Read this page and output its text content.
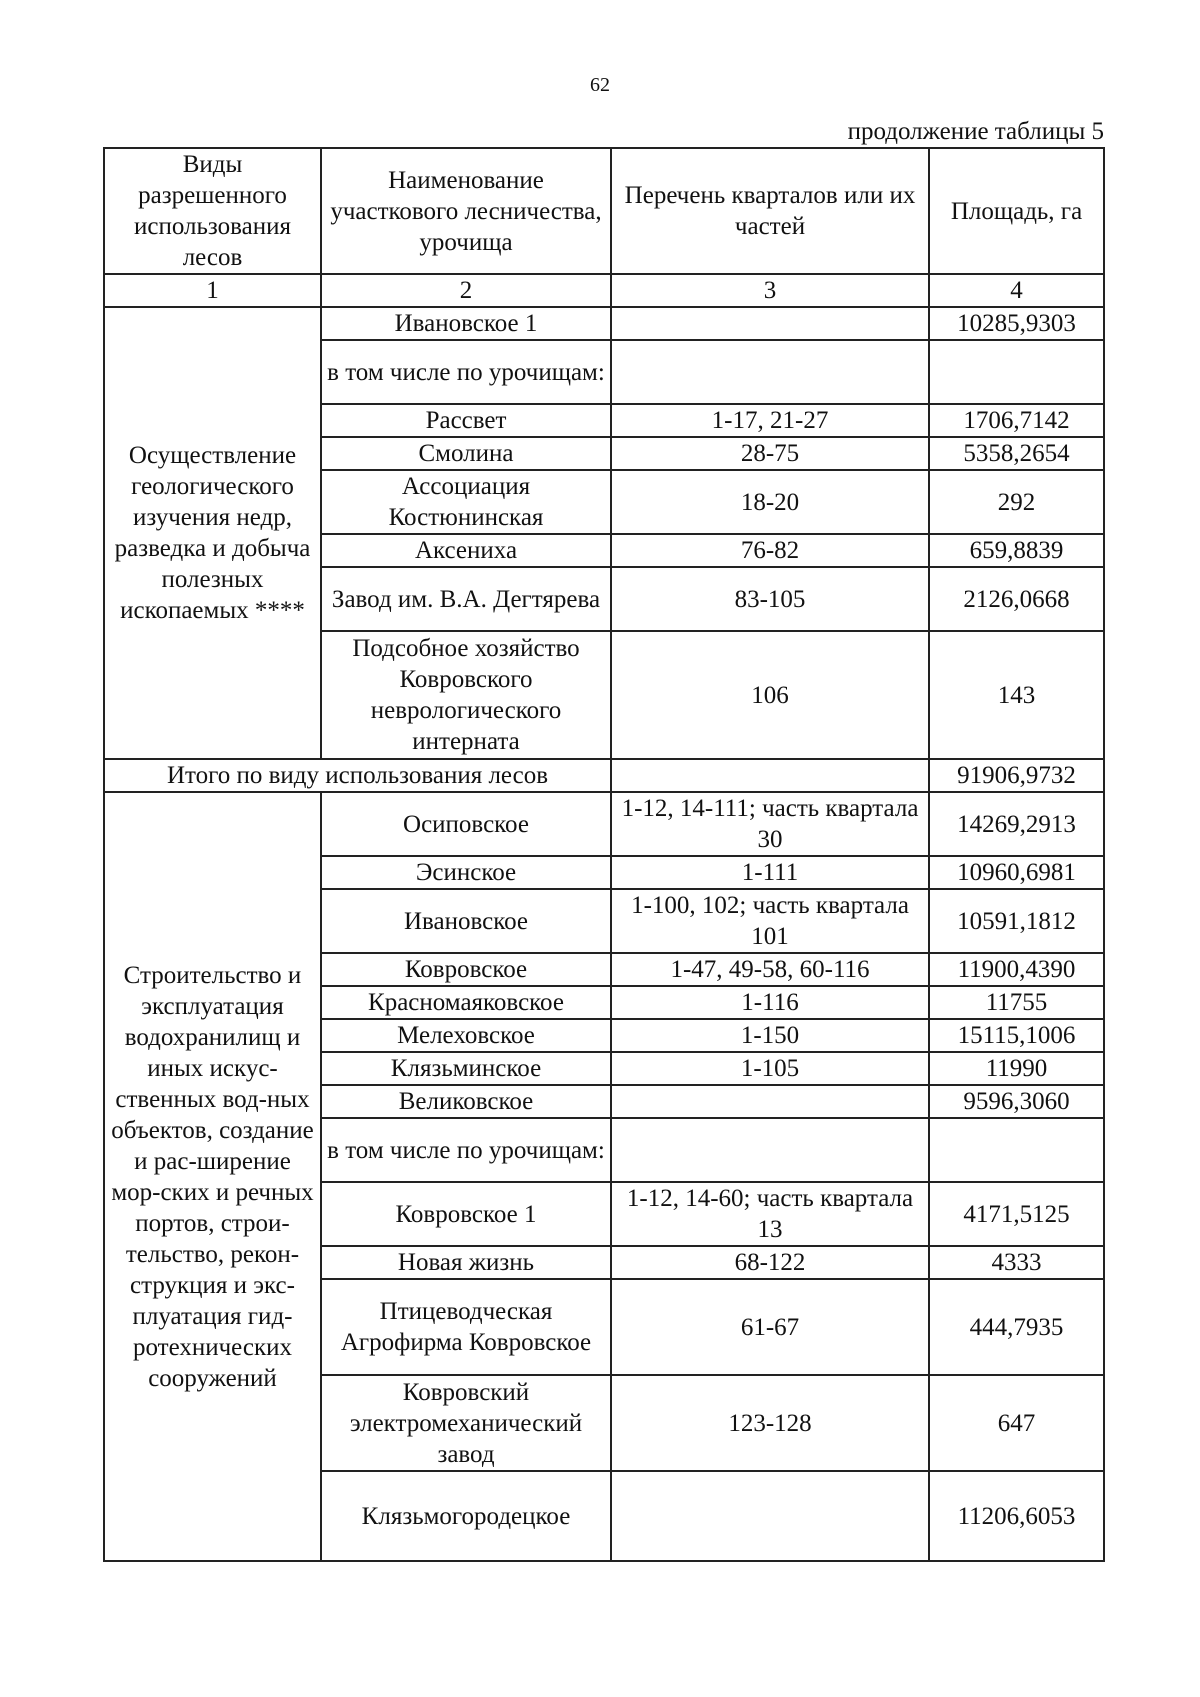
62
продолжение таблицы 5
Виды разрешенного использования лесов	Наименование участкового лесничества, урочища	Перечень кварталов или их частей	Площадь, га
1	2	3	4
Осуществление геологического изучения недр, разведка и добыча полезных ископаемых ****	Ивановское 1		10285,9303
	в том числе по урочищам:		
	Рассвет	1-17, 21-27	1706,7142
	Смолина	28-75	5358,2654
	Ассоциация Костюнинская	18-20	292
	Аксениха	76-82	659,8839
	Завод им. В.А. Дегтярева	83-105	2126,0668
	Подсобное хозяйство Ковровского неврологического интерната	106	143
Итого по виду использования лесов			91906,9732
Строительство и эксплуатация водохранилищ и иных искус-ственных вод-ных объектов, создание и рас-ширение мор-ских и речных портов, строи-тельство, рекон-струкция и экс-плуатация гид-ротехнических сооружений	Осиповское	1-12, 14-111; часть квартала 30	14269,2913
	Эсинское	1-111	10960,6981
	Ивановское	1-100, 102; часть квартала 101	10591,1812
	Ковровское	1-47, 49-58, 60-116	11900,4390
	Красномаяковское	1-116	11755
	Мелеховское	1-150	15115,1006
	Клязьминское	1-105	11990
	Великовское		9596,3060
	в том числе по урочищам:		
	Ковровское 1	1-12, 14-60; часть квартала 13	4171,5125
	Новая жизнь	68-122	4333
	Птицеводческая Агрофирма Ковровское	61-67	444,7935
	Ковровский электромеханический завод	123-128	647
	Клязьмогородецкое		11206,6053
